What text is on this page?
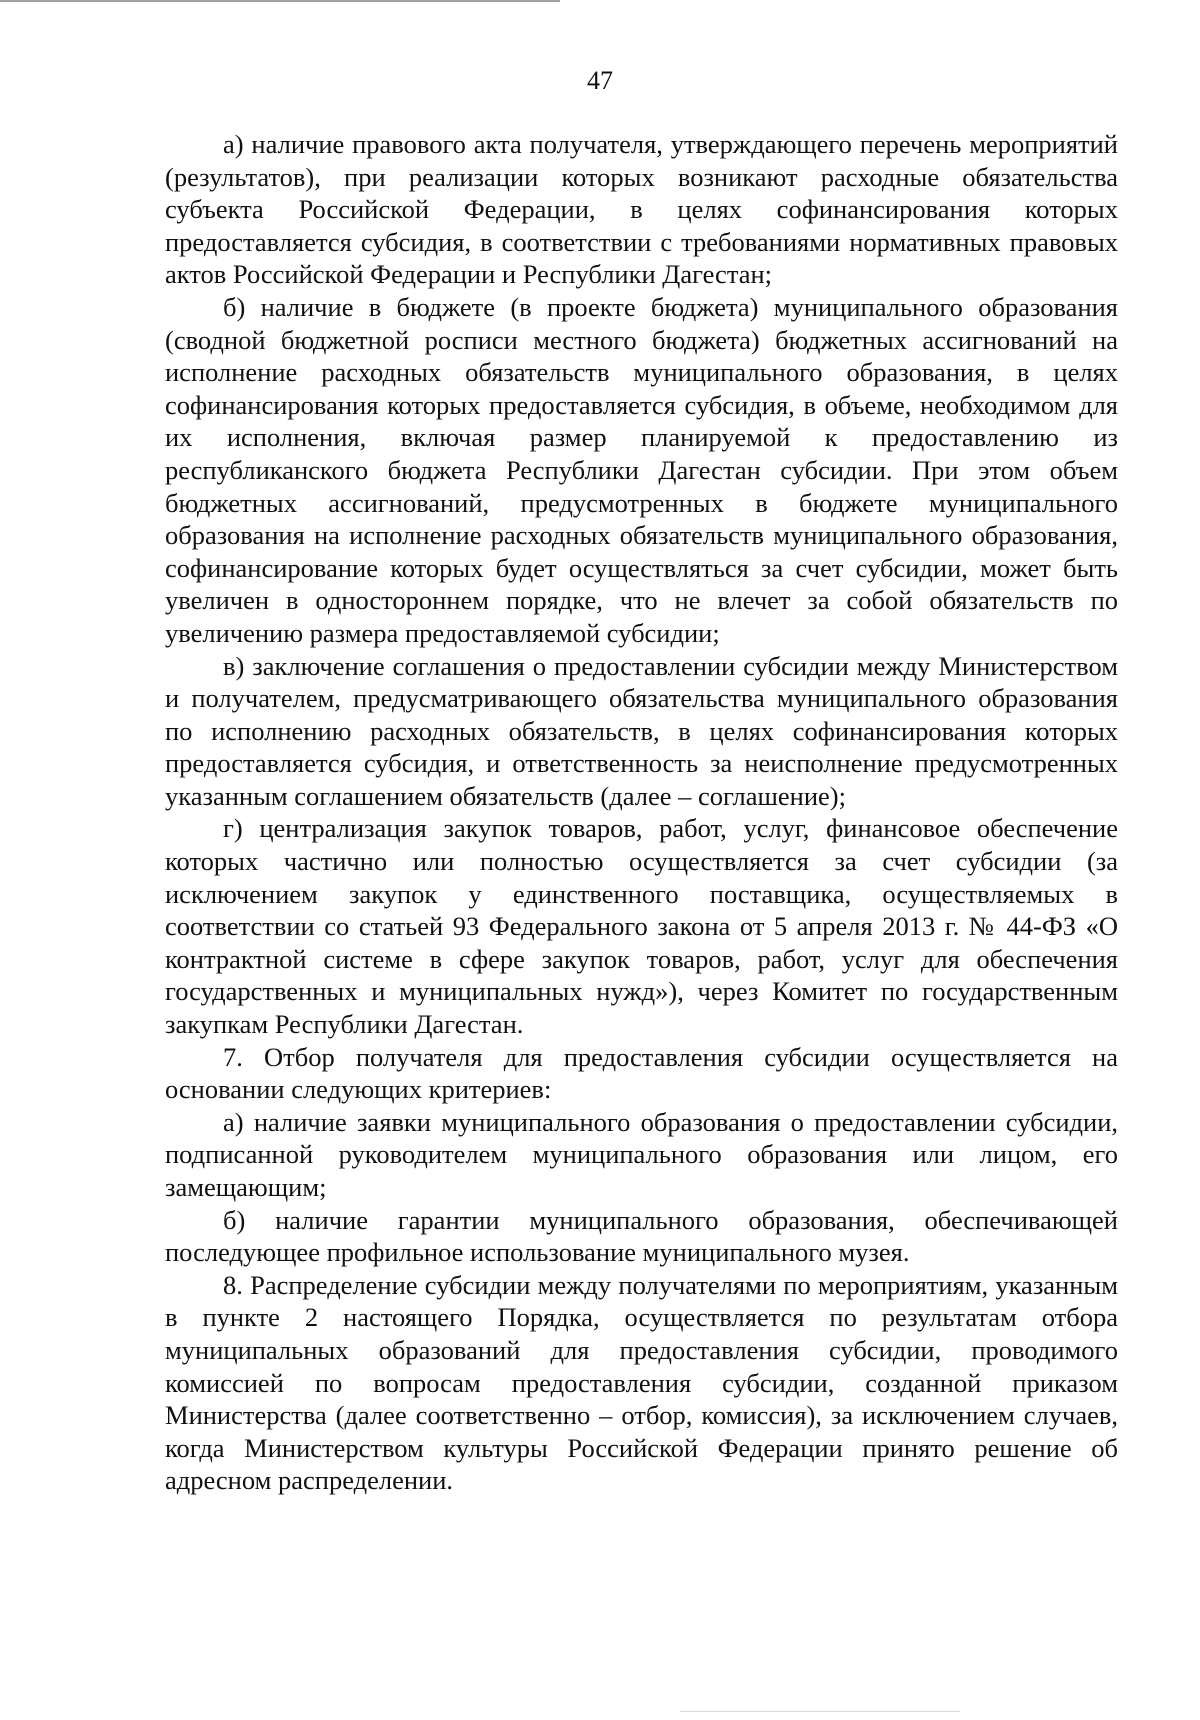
47

а) наличие правового акта получателя, утверждающего перечень мероприятий (результатов), при реализации которых возникают расходные обязательства субъекта Российской Федерации, в целях софинансирования которых предоставляется субсидия, в соответствии с требованиями нормативных правовых актов Российской Федерации и Республики Дагестан;

б) наличие в бюджете (в проекте бюджета) муниципального образования (сводной бюджетной росписи местного бюджета) бюджетных ассигнований на исполнение расходных обязательств муниципального образования, в целях софинансирования которых предоставляется субсидия, в объеме, необходимом для их исполнения, включая размер планируемой к предоставлению из республиканского бюджета Республики Дагестан субсидии. При этом объем бюджетных ассигнований, предусмотренных в бюджете муниципального образования на исполнение расходных обязательств муниципального образования, софинансирование которых будет осуществляться за счет субсидии, может быть увеличен в одностороннем порядке, что не влечет за собой обязательств по увеличению размера предоставляемой субсидии;

в) заключение соглашения о предоставлении субсидии между Министерством и получателем, предусматривающего обязательства муниципального образования по исполнению расходных обязательств, в целях софинансирования которых предоставляется субсидия, и ответственность за неисполнение предусмотренных указанным соглашением обязательств (далее – соглашение);

г) централизация закупок товаров, работ, услуг, финансовое обеспечение которых частично или полностью осуществляется за счет субсидии (за исключением закупок у единственного поставщика, осуществляемых в соответствии со статьей 93 Федерального закона от 5 апреля 2013 г. № 44-ФЗ «О контрактной системе в сфере закупок товаров, работ, услуг для обеспечения государственных и муниципальных нужд»), через Комитет по государственным закупкам Республики Дагестан.

7. Отбор получателя для предоставления субсидии осуществляется на основании следующих критериев:

а) наличие заявки муниципального образования о предоставлении субсидии, подписанной руководителем муниципального образования или лицом, его замещающим;

б) наличие гарантии муниципального образования, обеспечивающей последующее профильное использование муниципального музея.

8. Распределение субсидии между получателями по мероприятиям, указанным в пункте 2 настоящего Порядка, осуществляется по результатам отбора муниципальных образований для предоставления субсидии, проводимого комиссией по вопросам предоставления субсидии, созданной приказом Министерства (далее соответственно – отбор, комиссия), за исключением случаев, когда Министерством культуры Российской Федерации принято решение об адресном распределении.
